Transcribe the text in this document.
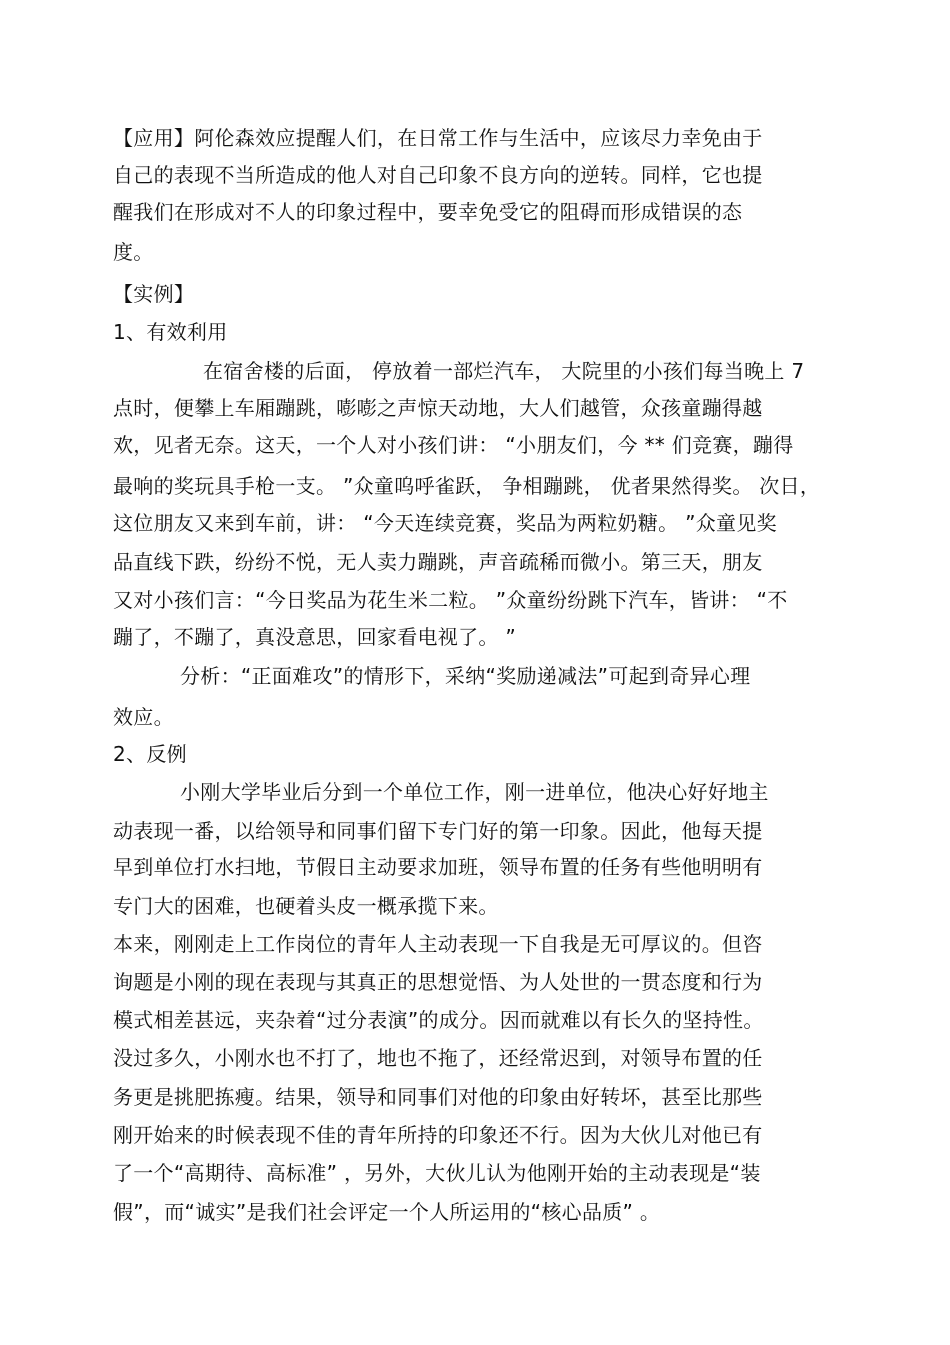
【应用】阿伦森效应提醒人们，在日常工作与生活中，应该尽力幸免由于
自己的表现不当所造成的他人对自己印象不良方向的逆转。同样，它也提
醒我们在形成对不人的印象过程中，要幸免受它的阻碍而形成错误的态
度。
【实例】
1、有效利用
在宿舍楼的后面， 停放着一部烂汽车， 大院里的小孩们每当晚上 7
点时，便攀上车厢蹦跳，嘭嘭之声惊天动地，大人们越管，众孩童蹦得越
欢，见者无奈。这天，一个人对小孩们讲： “小朋友们，今 ** 们竞赛，蹦得
最响的奖玩具手枪一支。 ”众童呜呼雀跃， 争相蹦跳， 优者果然得奖。 次日，
这位朋友又来到车前，讲： “今天连续竞赛，奖品为两粒奶糖。 ”众童见奖
品直线下跌，纷纷不悦，无人卖力蹦跳，声音疏稀而微小。第三天，朋友
又对小孩们言：“今日奖品为花生米二粒。 ”众童纷纷跳下汽车，皆讲： “不
蹦了，不蹦了，真没意思，回家看电视了。 ”
分析：“正面难攻”的情形下，采纳“奖励递减法”可起到奇异心理
效应。
2、反例
小刚大学毕业后分到一个单位工作，刚一进单位，他决心好好地主
动表现一番，以给领导和同事们留下专门好的第一印象。因此，他每天提
早到单位打水扫地，节假日主动要求加班，领导布置的任务有些他明明有
专门大的困难，也硬着头皮一概承揽下来。
本来，刚刚走上工作岗位的青年人主动表现一下自我是无可厚议的。但咨
询题是小刚的现在表现与其真正的思想觉悟、为人处世的一贯态度和行为
模式相差甚远，夹杂着“过分表演”的成分。因而就难以有长久的坚持性。
没过多久，小刚水也不打了，地也不拖了，还经常迟到，对领导布置的任
务更是挑肥拣瘦。结果，领导和同事们对他的印象由好转坏，甚至比那些
刚开始来的时候表现不佳的青年所持的印象还不行。因为大伙儿对他已有
了一个“高期待、高标准” ，另外，大伙儿认为他刚开始的主动表现是“装
假”，而“诚实”是我们社会评定一个人所运用的“核心品质” 。
